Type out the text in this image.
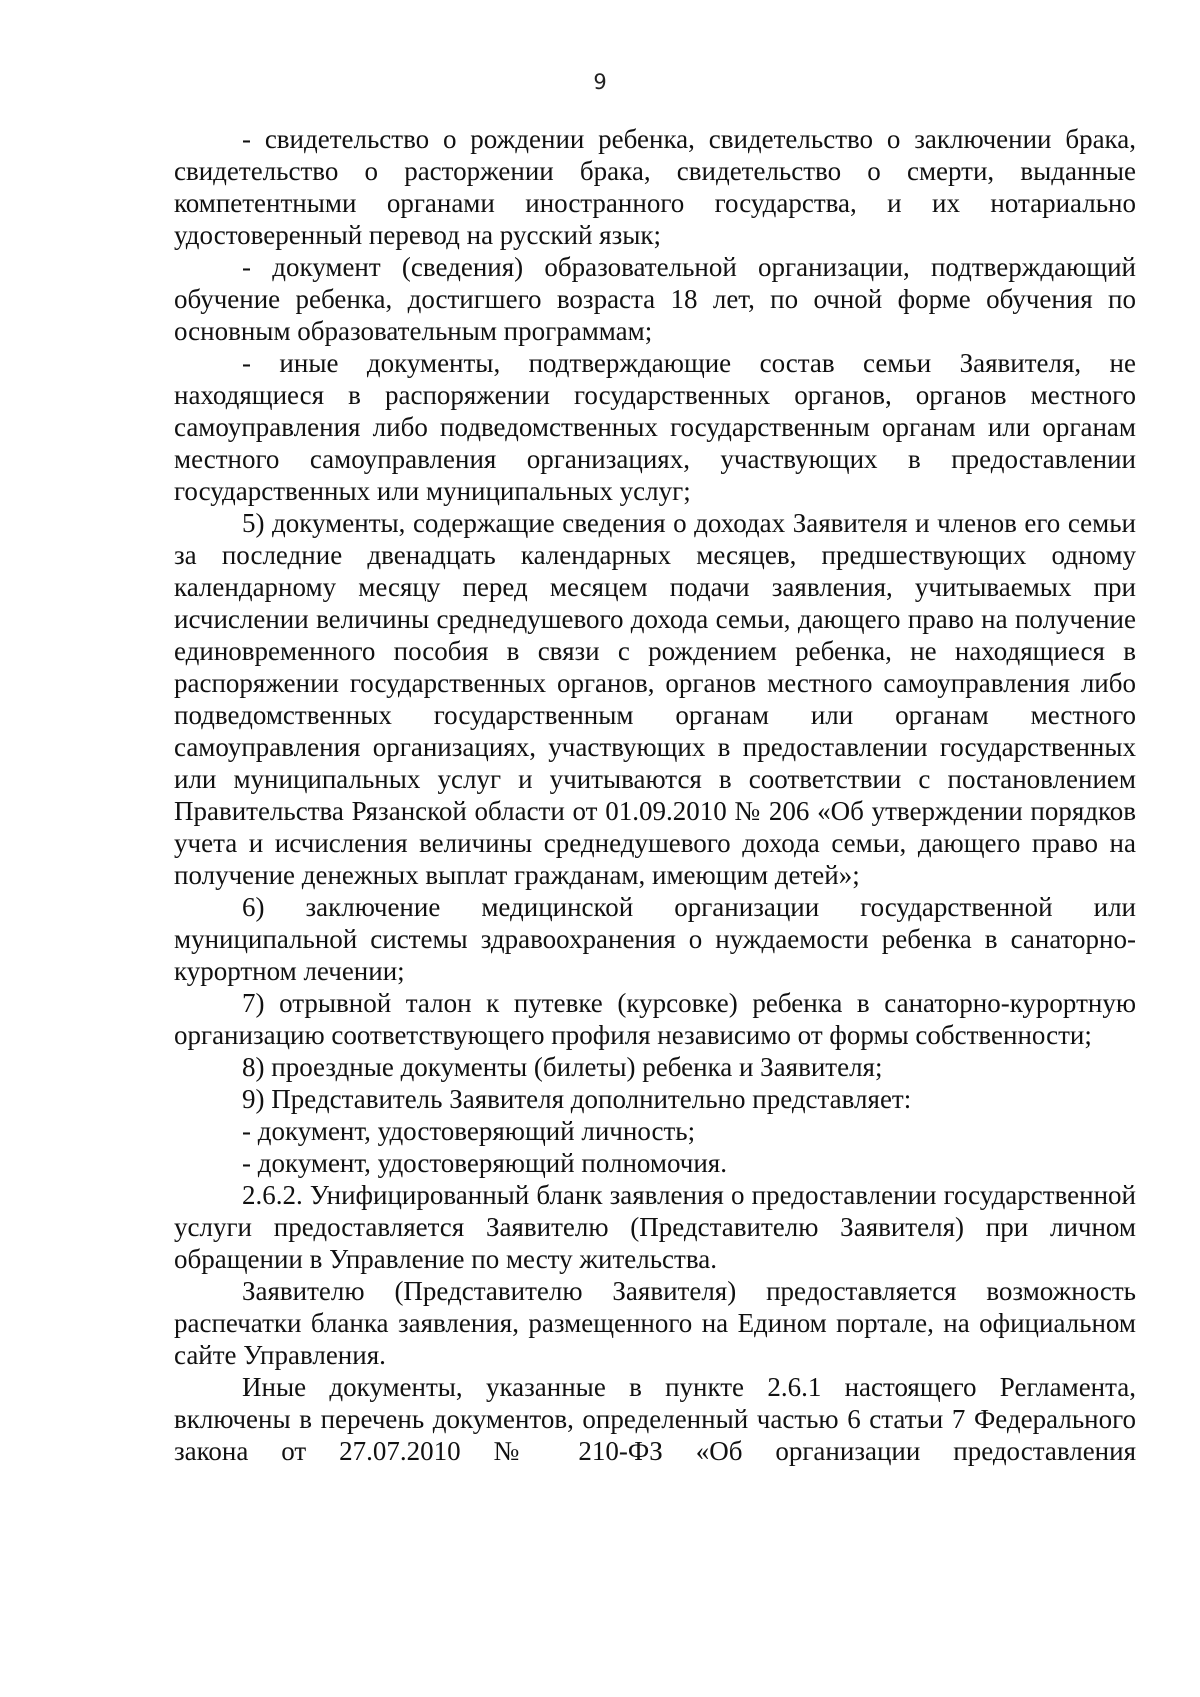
9

- свидетельство о рождении ребенка, свидетельство о заключении брака, свидетельство о расторжении брака, свидетельство о смерти, выданные компетентными органами иностранного государства, и их нотариально удостоверенный перевод на русский язык;

- документ (сведения) образовательной организации, подтверждающий обучение ребенка, достигшего возраста 18 лет, по очной форме обучения по основным образовательным программам;

- иные документы, подтверждающие состав семьи Заявителя, не находящиеся в распоряжении государственных органов, органов местного самоуправления либо подведомственных государственным органам или органам местного самоуправления организациях, участвующих в предоставлении государственных или муниципальных услуг;

5) документы, содержащие сведения о доходах Заявителя и членов его семьи за последние двенадцать календарных месяцев, предшествующих одному календарному месяцу перед месяцем подачи заявления, учитываемых при исчислении величины среднедушевого дохода семьи, дающего право на получение единовременного пособия в связи с рождением ребенка, не находящиеся в распоряжении государственных органов, органов местного самоуправления либо подведомственных государственным органам или органам местного самоуправления организациях, участвующих в предоставлении государственных или муниципальных услуг и учитываются в соответствии с постановлением Правительства Рязанской области от 01.09.2010 № 206 «Об утверждении порядков учета и исчисления величины среднедушевого дохода семьи, дающего право на получение денежных выплат гражданам, имеющим детей»;

6) заключение медицинской организации государственной или муниципальной системы здравоохранения о нуждаемости ребенка в санаторно-курортном лечении;

7) отрывной талон к путевке (курсовке) ребенка в санаторно-курортную организацию соответствующего профиля независимо от формы собственности;

8) проездные документы (билеты) ребенка и Заявителя;

9) Представитель Заявителя дополнительно представляет:

- документ, удостоверяющий личность;

- документ, удостоверяющий полномочия.

2.6.2. Унифицированный бланк заявления о предоставлении государственной услуги предоставляется Заявителю (Представителю Заявителя) при личном обращении в Управление по месту жительства.

Заявителю (Представителю Заявителя) предоставляется возможность распечатки бланка заявления, размещенного на Едином портале, на официальном сайте Управления.

Иные документы, указанные в пункте 2.6.1 настоящего Регламента, включены в перечень документов, определенный частью 6 статьи 7 Федерального закона от 27.07.2010 № 210-ФЗ «Об организации предоставления
